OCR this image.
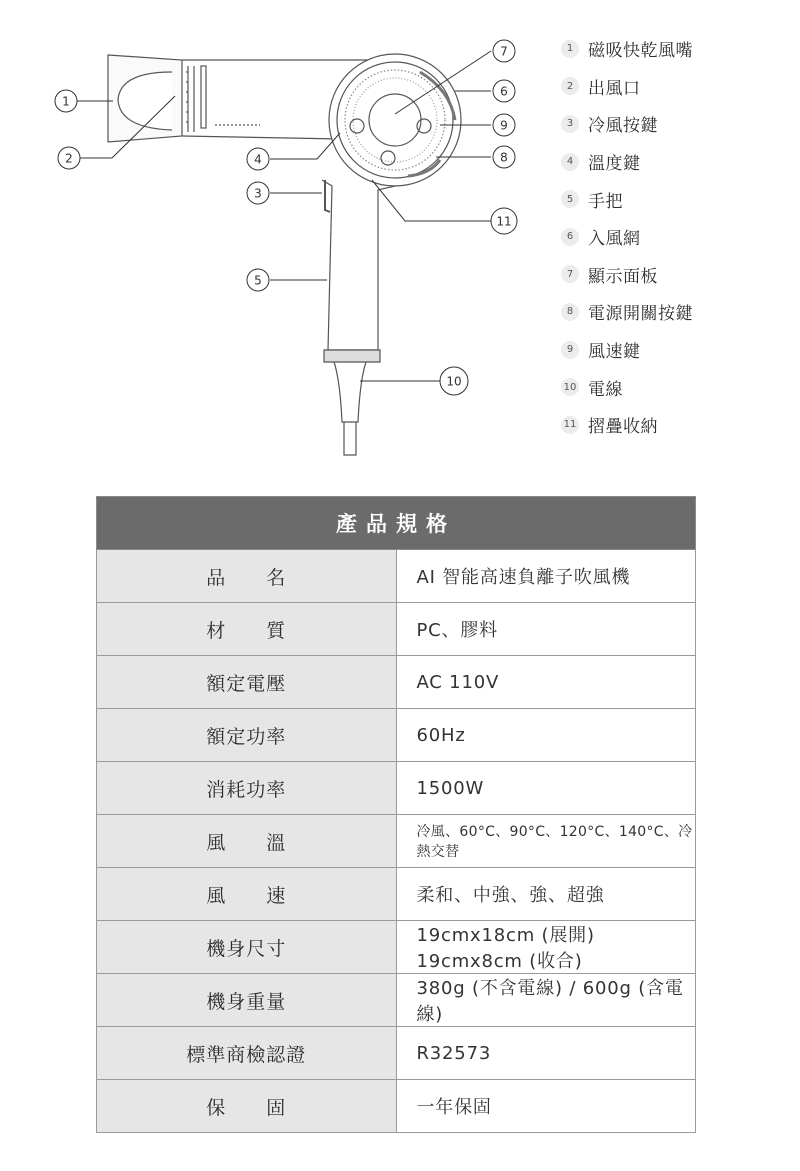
1
2
3
4
5
6
7
8
9
10
11
1 磁吸快乾風嘴
2 出風口
3 冷風按鍵
4 溫度鍵
5 手把
6 入風網
7 顯示面板
8 電源開關按鍵
9 風速鍵
10 電線
11 摺疊收納
產品規格	
品　　名	AI 智能高速負離子吹風機
材　　質	PC、膠料
額定電壓	AC 110V
額定功率	60Hz
消耗功率	1500W
風　　溫	冷風、60°C、90°C、120°C、140°C、冷熱交替
風　　速	柔和、中強、強、超強
機身尺寸	19cmx18cm (展開) 19cmx8cm (收合)
機身重量	380g (不含電線) / 600g (含電線)
標準商檢認證	R32573
保　　固	一年保固
